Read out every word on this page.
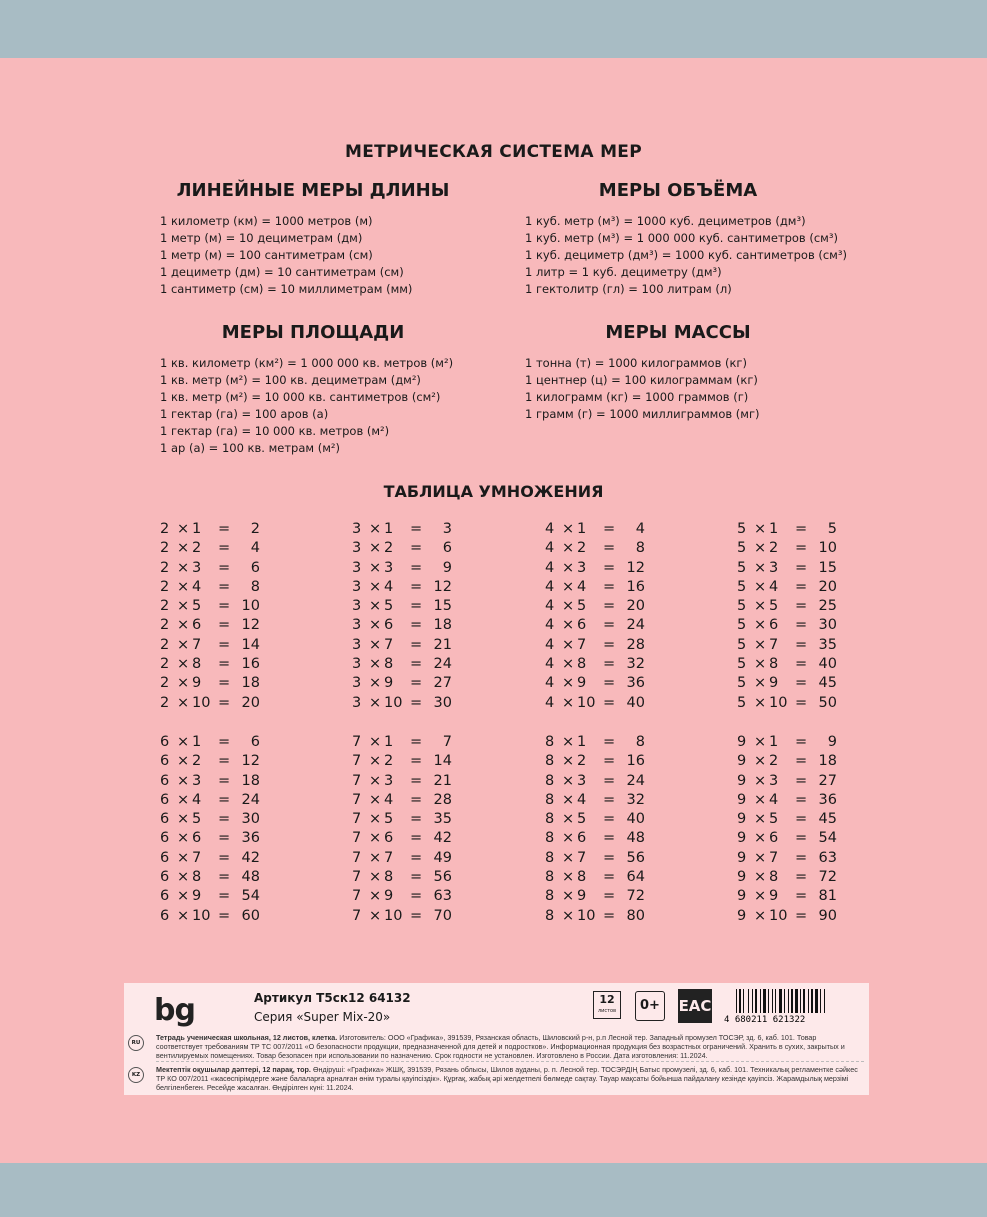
МЕТРИЧЕСКАЯ СИСТЕМА МЕР
ЛИНЕЙНЫЕ МЕРЫ ДЛИНЫ
1 километр (км) = 1000 метров (м)
1 метр (м) = 10 дециметрам (дм)
1 метр (м) = 100 сантиметрам (см)
1 дециметр (дм) = 10 сантиметрам (см)
1 сантиметр (см) = 10 миллиметрам (мм)
МЕРЫ ОБЪЁМА
1 куб. метр (м³) = 1000 куб. дециметров (дм³)
1 куб. метр (м³) = 1 000 000 куб. сантиметров (см³)
1 куб. дециметр (дм³) = 1000 куб. сантиметров (см³)
1 литр = 1 куб. дециметру (дм³)
1 гектолитр (гл) = 100 литрам (л)
МЕРЫ ПЛОЩАДИ
1 кв. километр (км²) = 1 000 000 кв. метров (м²)
1 кв. метр (м²) = 100 кв. дециметрам (дм²)
1 кв. метр (м²) = 10 000 кв. сантиметров (см²)
1 гектар (га) = 100 аров (а)
1 гектар (га) = 10 000 кв. метров (м²)
1 ар (а) = 100 кв. метрам (м²)
МЕРЫ МАССЫ
1 тонна (т) = 1000 килограммов (кг)
1 центнер (ц) = 100 килограммам (кг)
1 килограмм (кг) = 1000 граммов (г)
1 грамм (г) = 1000 миллиграммов (мг)
ТАБЛИЦА УМНОЖЕНИЯ
2 × 1	=	2
2 × 2	=	4
2 × 3	=	6
2 × 4	=	8
2 × 5	= 10
2 × 6	= 12
2 × 7	= 14
2 × 8	= 16
2 × 9	= 18
2 × 10 = 20
3 × 1	=	3
3 × 2	=	6
3 × 3	=	9
3 × 4	= 12
3 × 5	= 15
3 × 6	= 18
3 × 7	= 21
3 × 8	= 24
3 × 9	= 27
3 × 10 = 30
4 × 1	=	4
4 × 2	=	8
4 × 3	= 12
4 × 4	= 16
4 × 5	= 20
4 × 6	= 24
4 × 7	= 28
4 × 8	= 32
4 × 9	= 36
4 × 10 = 40
5 × 1	=	5
5 × 2	= 10
5 × 3	= 15
5 × 4	= 20
5 × 5	= 25
5 × 6	= 30
5 × 7	= 35
5 × 8	= 40
5 × 9	= 45
5 × 10 = 50
6 × 1	=	6
6 × 2	= 12
6 × 3	= 18
6 × 4	= 24
6 × 5	= 30
6 × 6	= 36
6 × 7	= 42
6 × 8	= 48
6 × 9	= 54
6 × 10 = 60
7 × 1	=	7
7 × 2	= 14
7 × 3	= 21
7 × 4	= 28
7 × 5	= 35
7 × 6	= 42
7 × 7	= 49
7 × 8	= 56
7 × 9	= 63
7 × 10 = 70
8 × 1	=	8
8 × 2	= 16
8 × 3	= 24
8 × 4	= 32
8 × 5	= 40
8 × 6	= 48
8 × 7	= 56
8 × 8	= 64
8 × 9	= 72
8 × 10 = 80
9 × 1	=	9
9 × 2	= 18
9 × 3	= 27
9 × 4	= 36
9 × 5	= 45
9 × 6	= 54
9 × 7	= 63
9 × 8	= 72
9 × 9	= 81
9 × 10 = 90
bg	Артикул Т5ск12 64132
Серия «Super Mix-20»
12
листов	0+	EAC
4 680211 621322
RU
Тетрадь ученическая школьная, 12 листов, клетка. Изготовитель: ООО «Графика», 391539, Рязанская область, Шиловский р-н, р.п Лесной тер. Западный промузел ТОСЭР, зд. 6, каб. 101. Товар соответствует требованиям ТР ТС 007/2011 «О безопасности продукции, предназначенной для детей и подростков». Информационная продукция без возрастных ограничений. Хранить в сухих, закрытых и вентилируемых помещениях. Товар безопасен при использовании по назначению. Срок годности не установлен. Изготовлено в России. Дата изготовления: 11.2024.
KZ
Мектептік оқушылар дәптері, 12 парақ, тор. Өндіруші: «Графика» ЖШҚ, 391539, Рязань облысы, Шилов ауданы, р. п. Лесной тер. ТОСЭРДІҢ Батыс промузелі, зд. 6, каб. 101. Техникалық регламентке сәйкес ТР КО 007/2011 «жасөспірімдерге және балаларға арналған өнім туралы қауіпсіздік». Құрғақ, жабық әрі желдетпелі бөлмеде сақтау. Тауар мақсаты бойынша пайдалану кезінде қауіпсіз. Жарамдылық мерзімі белгіленбеген. Ресейде жасалған. Өндірілген күні: 11.2024.
